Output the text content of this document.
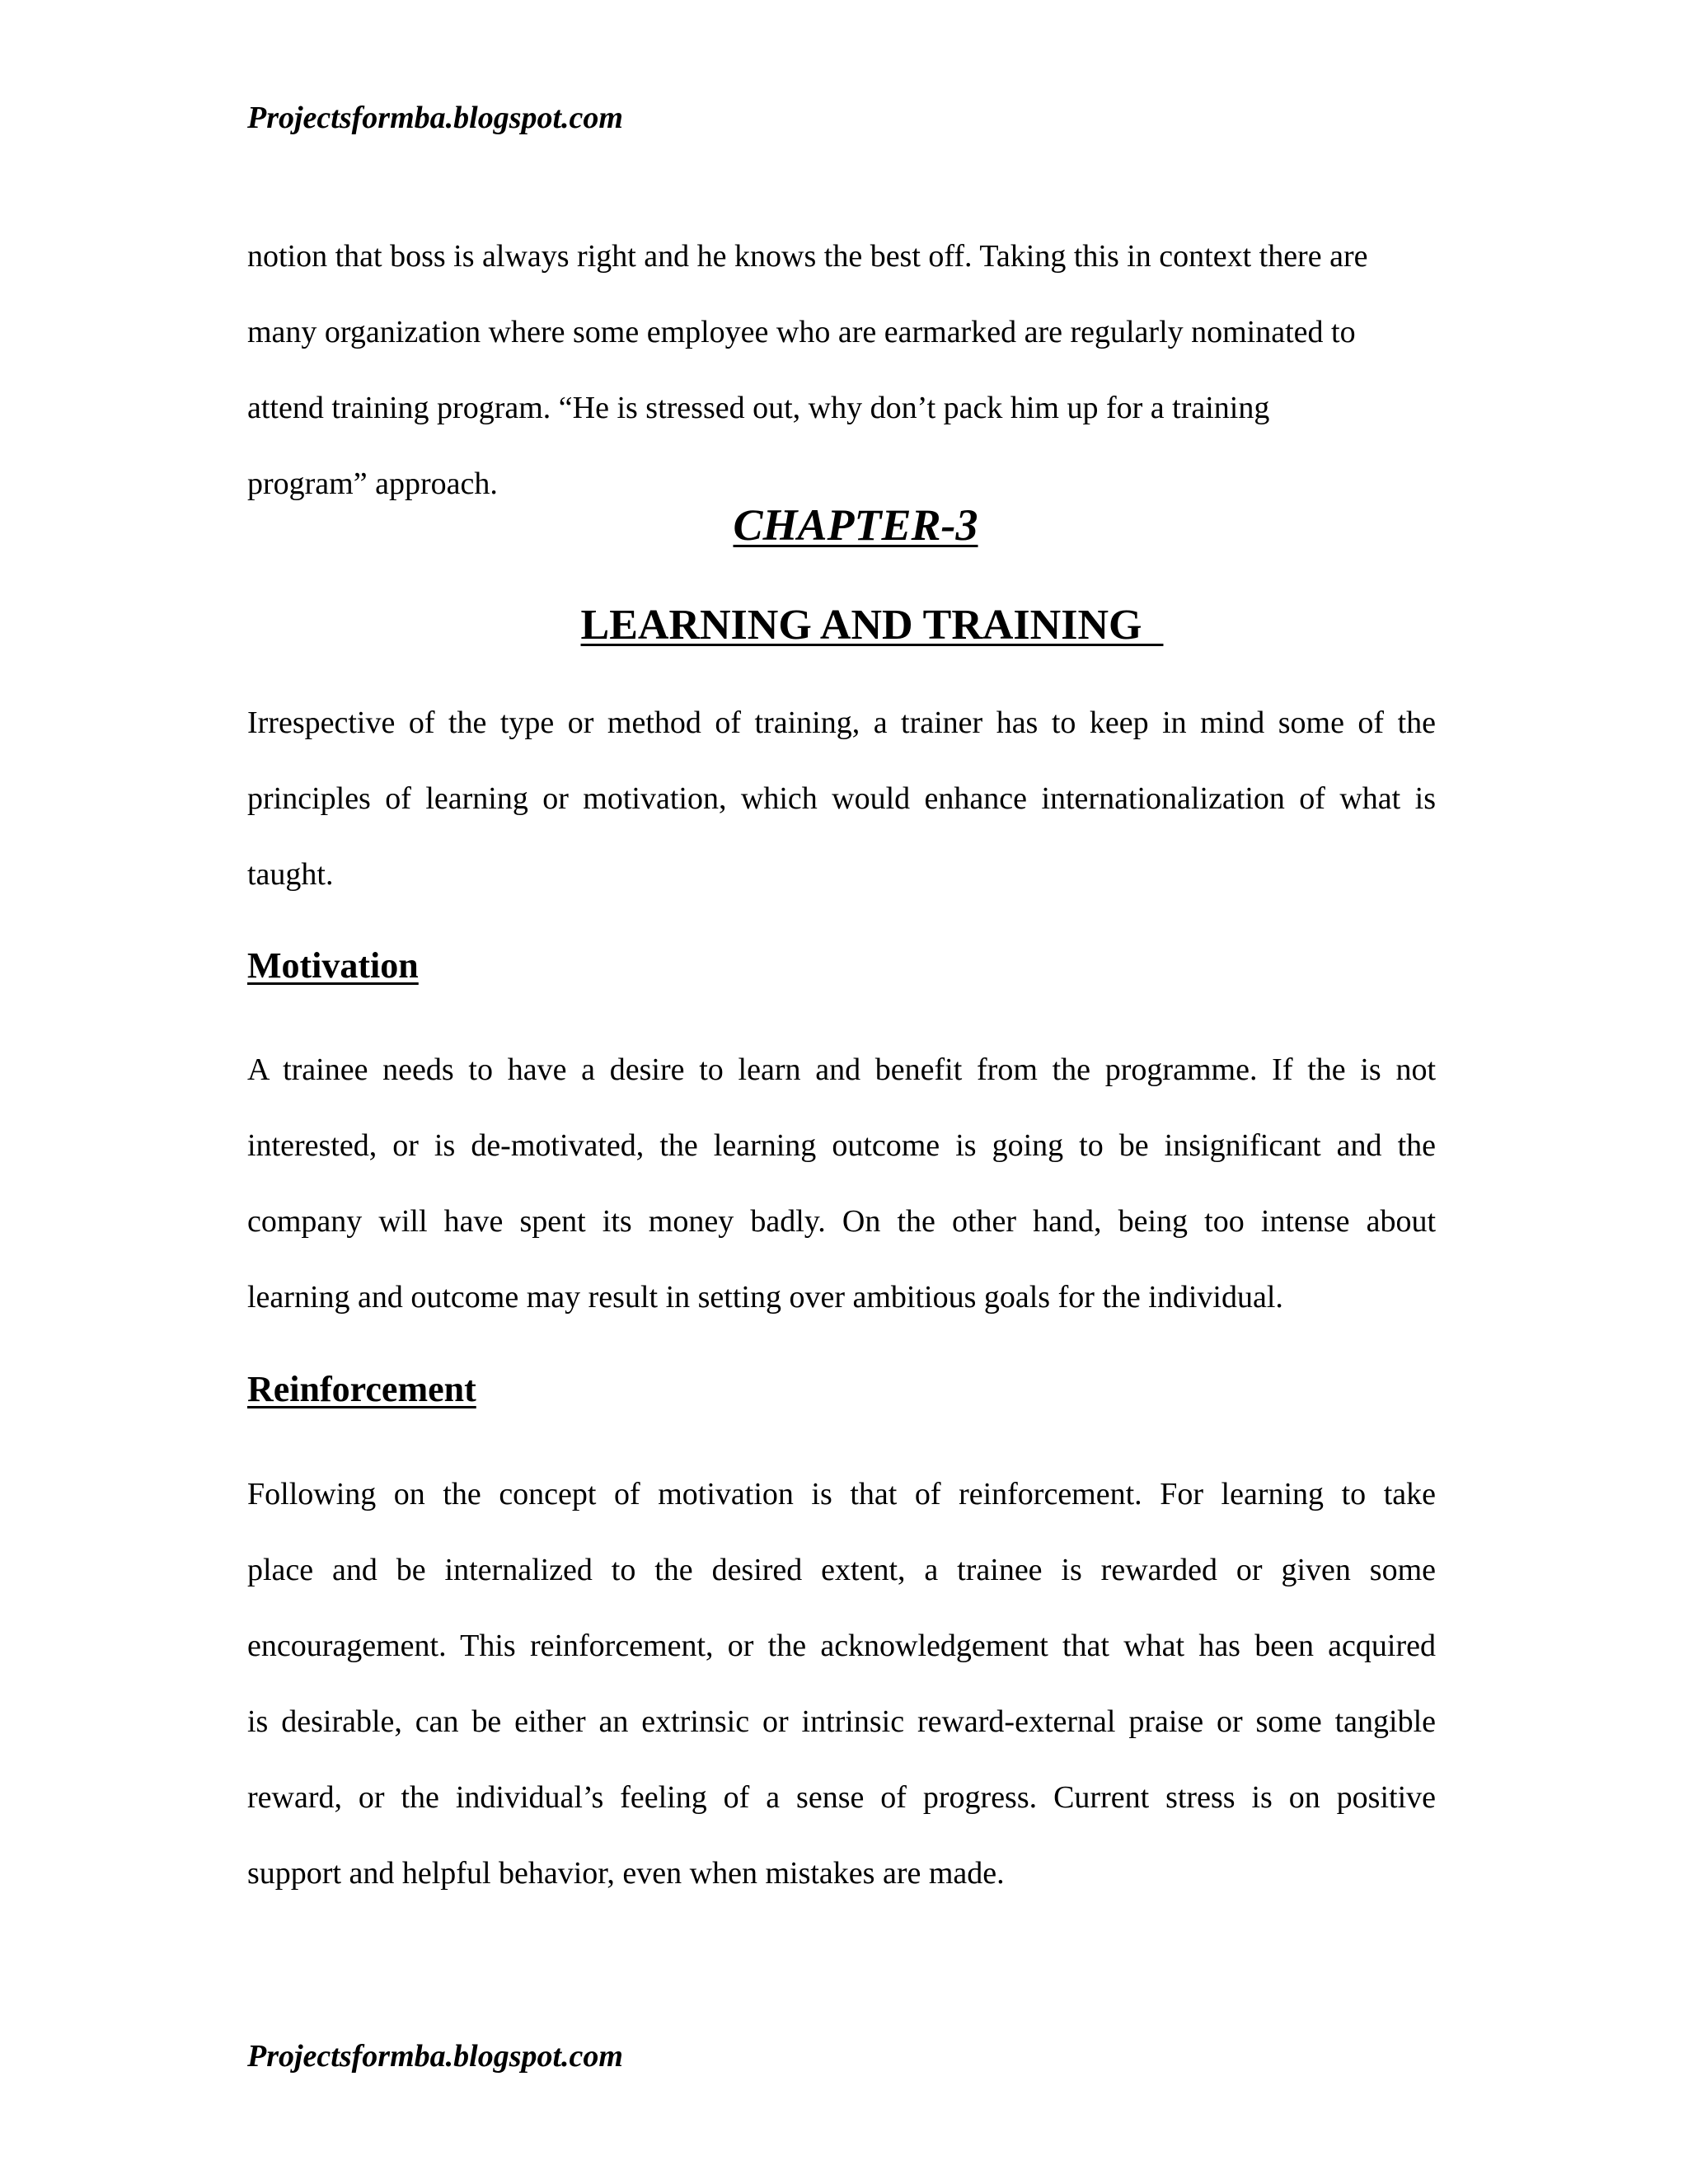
Projectsformba.blogspot.com
notion that boss is always right and he knows the best off. Taking this in context there are
many organization where some employee who are earmarked are regularly nominated to
attend training program. “He is stressed out, why don’t pack him up for a training
program” approach.
CHAPTER-3
LEARNING AND TRAINING
Irrespective of the type or method of training, a trainer has to keep in mind some of the
principles of learning or motivation, which would enhance internationalization of what is
taught.
Motivation
A trainee needs to have a desire to learn and benefit from the programme. If the is not
interested, or is de-motivated, the learning outcome is going to be insignificant and the
company will have spent its money badly. On the other hand, being too intense about
learning and outcome may result in setting over ambitious goals for the individual.
Reinforcement
Following on the concept of motivation is that of reinforcement. For learning to take
place and be internalized to the desired extent, a trainee is rewarded or given some
encouragement. This reinforcement, or the acknowledgement that what has been acquired
is desirable, can be either an extrinsic or intrinsic reward-external praise or some tangible
reward, or the individual’s feeling of a sense of progress. Current stress is on positive
support and helpful behavior, even when mistakes are made.
Projectsformba.blogspot.com
